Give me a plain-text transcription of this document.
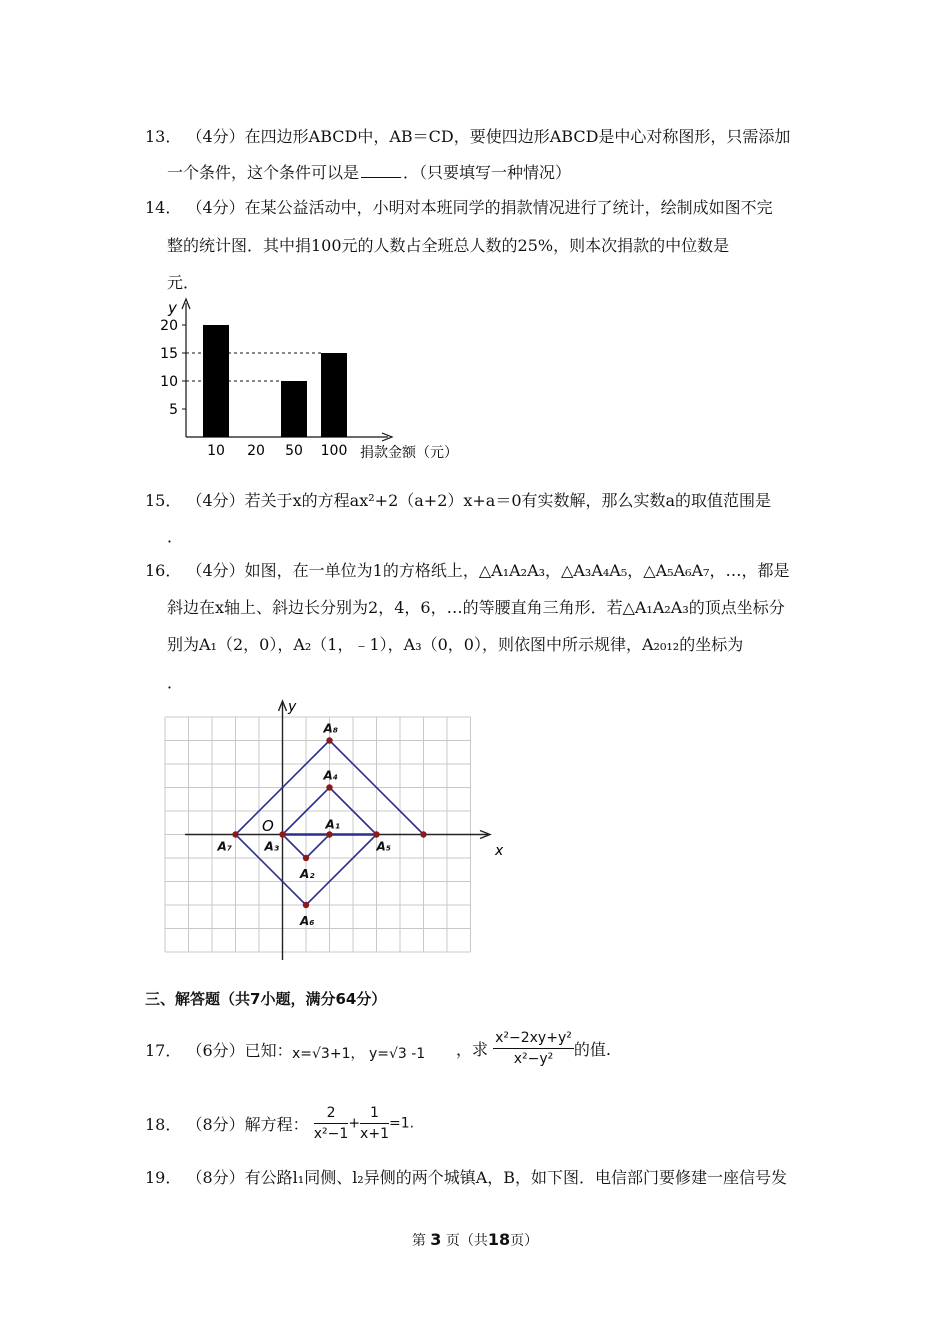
13． （4分）在四边形ABCD中，AB＝CD，要使四边形ABCD是中心对称图形，只需添加
一个条件，这个条件可以是	．（只要填写一种情况）
14． （4分）在某公益活动中，小明对本班同学的捐款情况进行了统计，绘制成如图不完
整的统计图．其中捐100元的人数占全班总人数的25%，则本次捐款的中位数是
元．
y
捐款金额（元）
5
10
15
20
10 20 50 100
15． （4分）若关于x的方程ax²+2（a+2）x+a＝0有实数解，那么实数a的取值范围是
．
16． （4分）如图，在一单位为1的方格纸上，△A₁A₂A₃，△A₃A₄A₅，△A₅A₆A₇，…，都是
斜边在x轴上、斜边长分别为2，4，6，…的等腰直角三角形．若△A₁A₂A₃的顶点坐标分
别为A₁（2，0），A₂（1，﹣1），A₃（0，0），则依图中所示规律，A₂₀₁₂的坐标为
．
A₁
A₂
A₃
A₄
A₅
A₆
A₇
A₈
x
y
O
三、解答题（共7小题，满分64分）
17． （6分）已知： x=√3+1， y=√3 -1 ，求 $\frac{\text{x²−2xy+y²}}{\text{x²−y²}}$ 的值.
18． （8分）解方程： $\frac{2}{\text{x²−1}} + \frac{1}{x+1} =1$.
19． （8分）有公路l₁同侧、l₂异侧的两个城镇A，B，如下图．电信部门要修建一座信号发
第 3 页（共18页）
